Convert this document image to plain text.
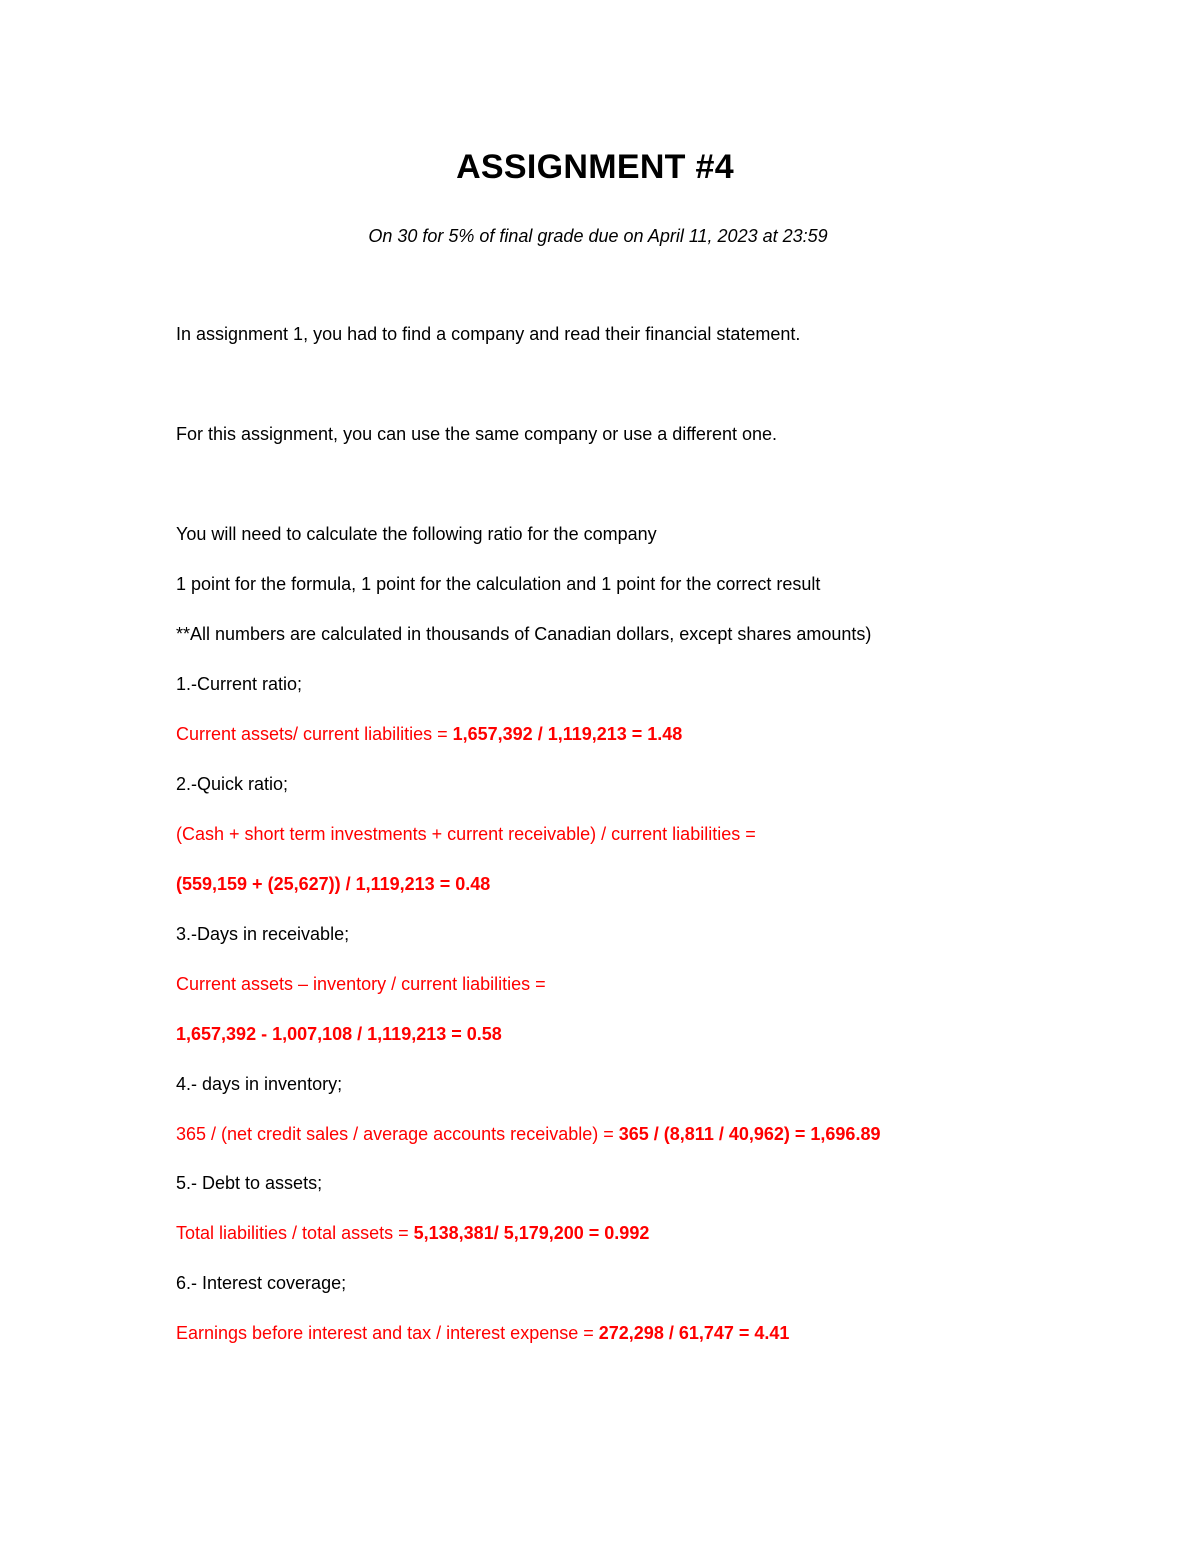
ASSIGNMENT #4
On 30 for 5% of final grade due on April 11, 2023 at 23:59
In assignment 1, you had to find a company and read their financial statement.
For this assignment, you can use the same company or use a different one.
You will need to calculate the following ratio for the company
1 point for the formula, 1 point for the calculation and 1 point for the correct result
**All numbers are calculated in thousands of Canadian dollars, except shares amounts)
1.-Current ratio;
Current assets/ current liabilities = 1,657,392 / 1,119,213 = 1.48
2.-Quick ratio;
(Cash + short term investments + current receivable) / current liabilities =
(559,159 + (25,627)) / 1,119,213 = 0.48
3.-Days in receivable;
Current assets – inventory / current liabilities =
1,657,392 - 1,007,108 / 1,119,213 = 0.58
4.- days in inventory;
365 / (net credit sales / average accounts receivable) = 365 / (8,811 / 40,962) = 1,696.89
5.- Debt to assets;
Total liabilities / total assets = 5,138,381/ 5,179,200 = 0.992
6.- Interest coverage;
Earnings before interest and tax / interest expense = 272,298 / 61,747 = 4.41
